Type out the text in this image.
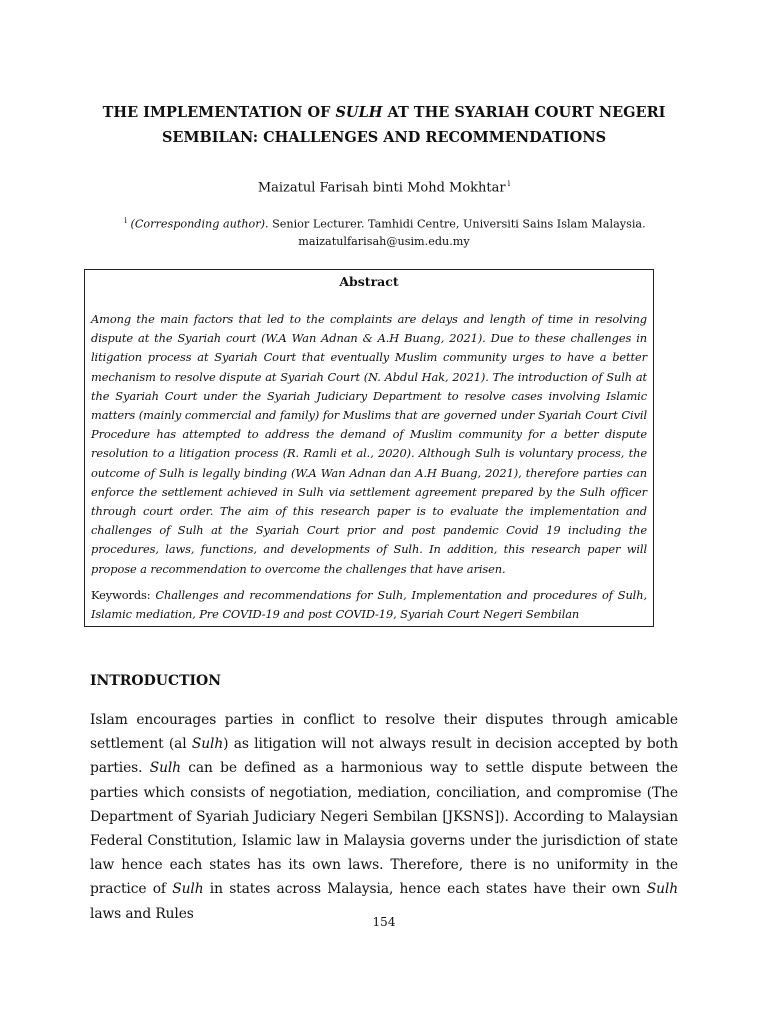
THE IMPLEMENTATION OF SULH AT THE SYARIAH COURT NEGERI SEMBILAN: CHALLENGES AND RECOMMENDATIONS

Maizatul Farisah binti Mohd Mokhtar $^i$

$^i$ (Corresponding author). Senior Lecturer. Tamhidi Centre, Universiti Sains Islam Malaysia.
maizatulfarisah@usim.edu.my

Abstract

Among the main factors that led to the complaints are delays and length of time in resolving dispute at the Syariah court (W.A Wan Adnan & A.H Buang, 2021). Due to these challenges in litigation process at Syariah Court that eventually Muslim community urges to have a better mechanism to resolve dispute at Syariah Court (N. Abdul Hak, 2021). The introduction of Sulh at the Syariah Court under the Syariah Judiciary Department to resolve cases involving Islamic matters (mainly commercial and family) for Muslims that are governed under Syariah Court Civil Procedure has attempted to address the demand of Muslim community for a better dispute resolution to a litigation process (R. Ramli et al., 2020). Although Sulh is voluntary process, the outcome of Sulh is legally binding (W.A Wan Adnan dan A.H Buang, 2021), therefore parties can enforce the settlement achieved in Sulh via settlement agreement prepared by the Sulh officer through court order. The aim of this research paper is to evaluate the implementation and challenges of Sulh at the Syariah Court prior and post pandemic Covid 19 including the procedures, laws, functions, and developments of Sulh. In addition, this research paper will propose a recommendation to overcome the challenges that have arisen.

Keywords: Challenges and recommendations for Sulh, Implementation and procedures of Sulh, Islamic mediation, Pre COVID-19 and post COVID-19, Syariah Court Negeri Sembilan

INTRODUCTION

Islam encourages parties in conflict to resolve their disputes through amicable settlement (al Sulh) as litigation will not always result in decision accepted by both parties. Sulh can be defined as a harmonious way to settle dispute between the parties which consists of negotiation, mediation, conciliation, and compromise (The Department of Syariah Judiciary Negeri Sembilan [JKSNS]). According to Malaysian Federal Constitution, Islamic law in Malaysia governs under the jurisdiction of state law hence each states has its own laws. Therefore, there is no uniformity in the practice of Sulh in states across Malaysia, hence each states have their own Sulh laws and Rules

154
